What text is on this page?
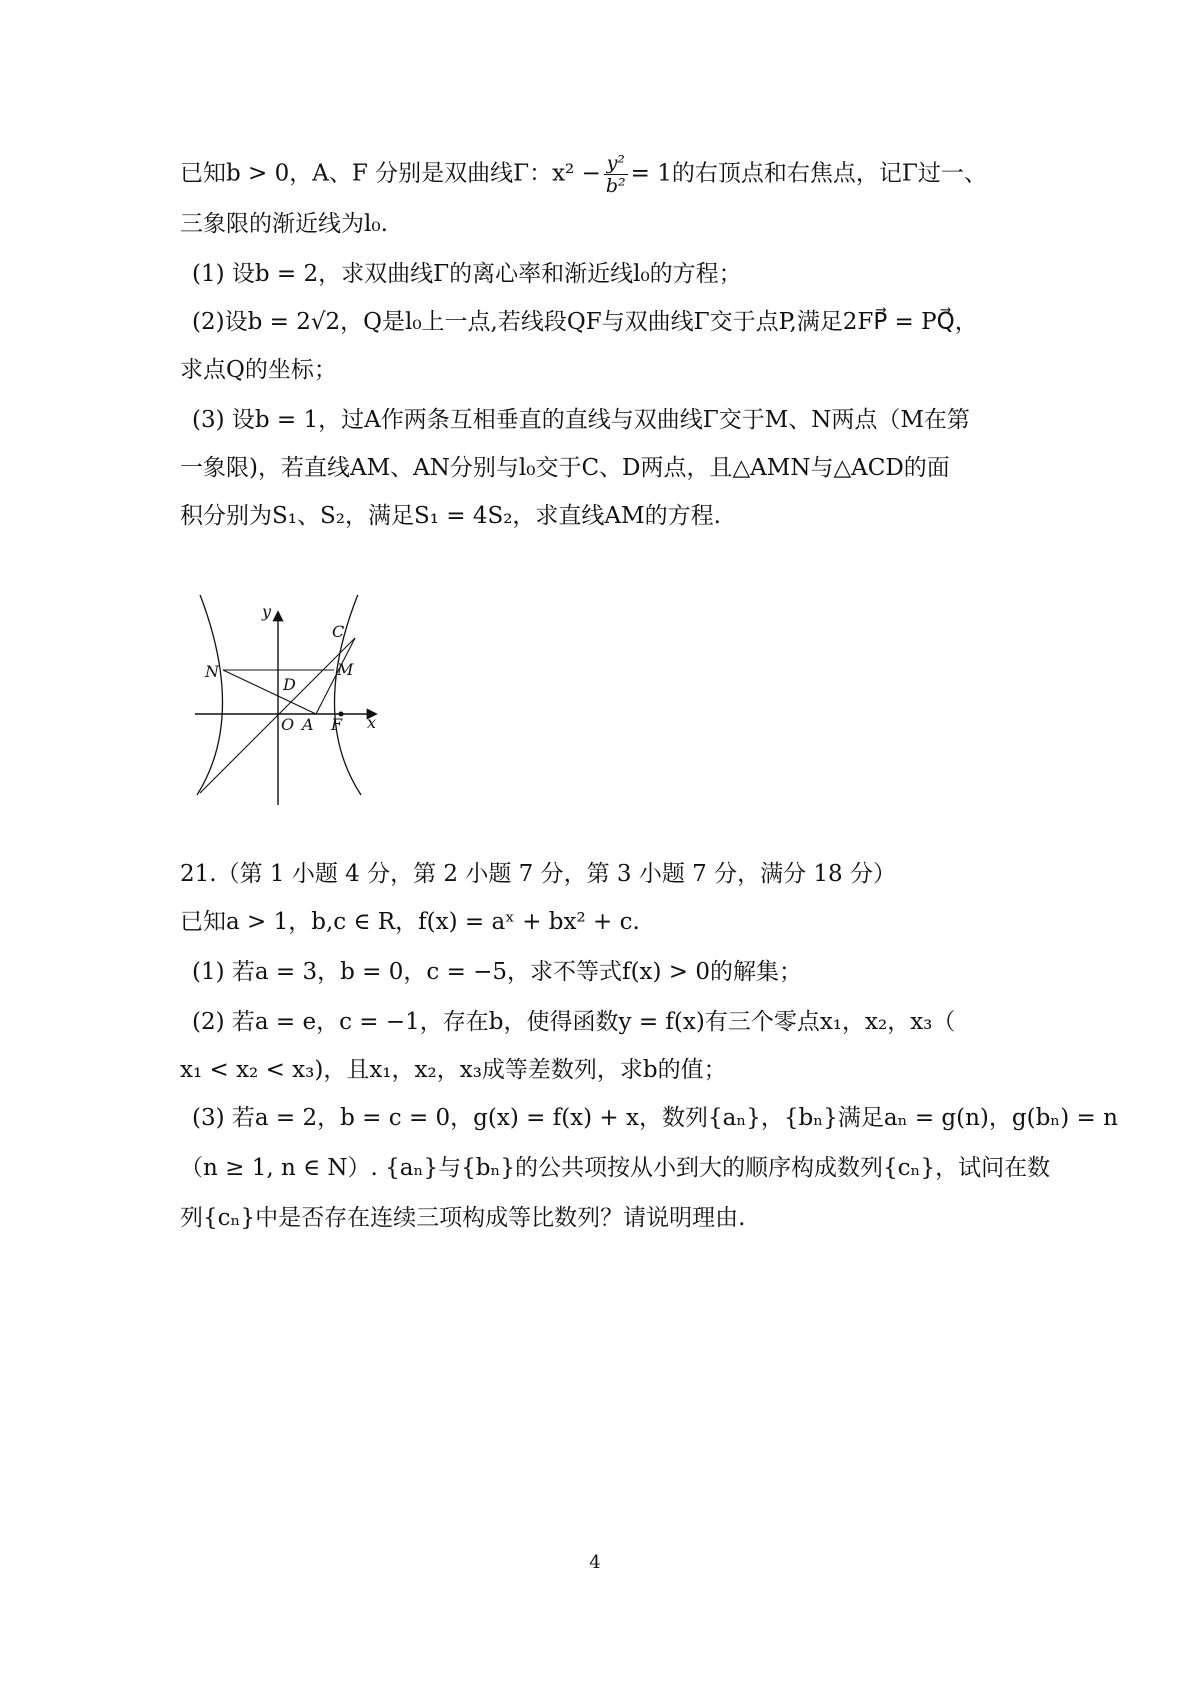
已知b > 0，A、F 分别是双曲线Γ：$x^2 - \frac{\text{y²}}{\text{b²}} = 1$的右顶点和右焦点，记Γ过一、
三象限的渐近线为l₀.
(1) 设b = 2，求双曲线Γ的离心率和渐近线l₀的方程；
(2)设b = 2√2，Q是l₀上一点,若线段QF与双曲线Γ交于点P,满足2FP⃗ = PQ⃗，
求点Q的坐标；
(3) 设b = 1，过A作两条互相垂直的直线与双曲线Γ交于M、N两点（M在第
一象限)，若直线AM、AN分别与l₀交于C、D两点，且△AMN与△ACD的面
积分别为S₁、S₂，满足S₁ = 4S₂，求直线AM的方程.
y
x
O A F
C
M
N
D
21.（第 1 小题 4 分，第 2 小题 7 分，第 3 小题 7 分，满分 18 分）
已知a > 1，b,c ∈ R，f(x) = aˣ + bx² + c.
(1) 若a = 3，b = 0，c = −5，求不等式f(x) > 0的解集；
(2) 若a = e，c = −1，存在b，使得函数y = f(x)有三个零点x₁，x₂，x₃（
x₁ < x₂ < x₃)，且x₁，x₂，x₃成等差数列，求b的值；
(3) 若a = 2，b = c = 0，g(x) = f(x) + x，数列{aₙ}，{bₙ}满足aₙ = g(n)，g(bₙ) = n
（n ≥ 1, n ∈ N）. {aₙ}与{bₙ}的公共项按从小到大的顺序构成数列{cₙ}，试问在数
列{cₙ}中是否存在连续三项构成等比数列？请说明理由.
4
